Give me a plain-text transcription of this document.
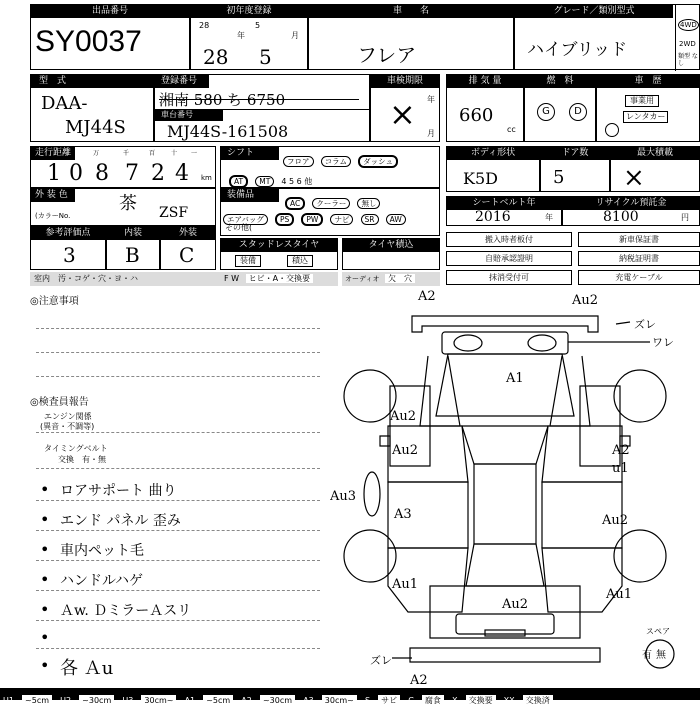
出品番号
SY0037
初年度登録
28	5
年	月
28 5
車　　名
フレア
グレード／類別型式
ハイブリッド
4WD
2WD
類型 なし
型　式
DAA-
MJ44S
登録番号
湘南 580 ち 6750
車台番号
MJ44S-161508
車検期限
年
月
×
排 気 量
660
cc
燃　料
G	D
車　歴
事業用
レンタカー
走行距離	万	千	百	十 一
1 0 8 7 2 4 km
シフト
フロア コラム ダッシュ
AT MT 4 5 6 他
ボディ形状
K5D
ドア数
5
最大積載
×
外 装 色	茶
(カラーNo.	ZSF
装備品
AC クーラー 無し
エアバッグ PS PW ナビ SR AW
その他(
シートベルト年
2016	年
リサイクル預託金
8100	円
参考評価点
3
内装
B
外装
C	スタッドレスタイヤ
装備	積込
タイヤ積込
搬入時者板付	新車保証書
自賠承認證明	納税証明書
抹消受付可	充電ケーブル
室内　汚・コゲ・穴・ヨ・ハ	F W ヒビ・A・交換要	オーディオ 欠　穴
◎注意事項
◎検査員報告
エンジン関係
(異音・不調等)
タイミングベルト
交換　有・無
• ロアサポート 曲り
• エンド パネル 歪み
• 車内ペット毛
• ハンドルハゲ
• Ａw. ＤミラーＡスリ
•
• 各 Ａu
A2	Au2
ズレ
ワレ
A1
Au2
Au2
Au3
A3
Au1
A2
u1
Au2
Au1
Au2
ズレ
A2
スペア
有 無
U1 ~5cm U2 ~30cm U3 30cm~ A1 ~5cm A2 ~30cm A3 30cm~ S サビ C 腐食 X 交換要 XX 交換済
